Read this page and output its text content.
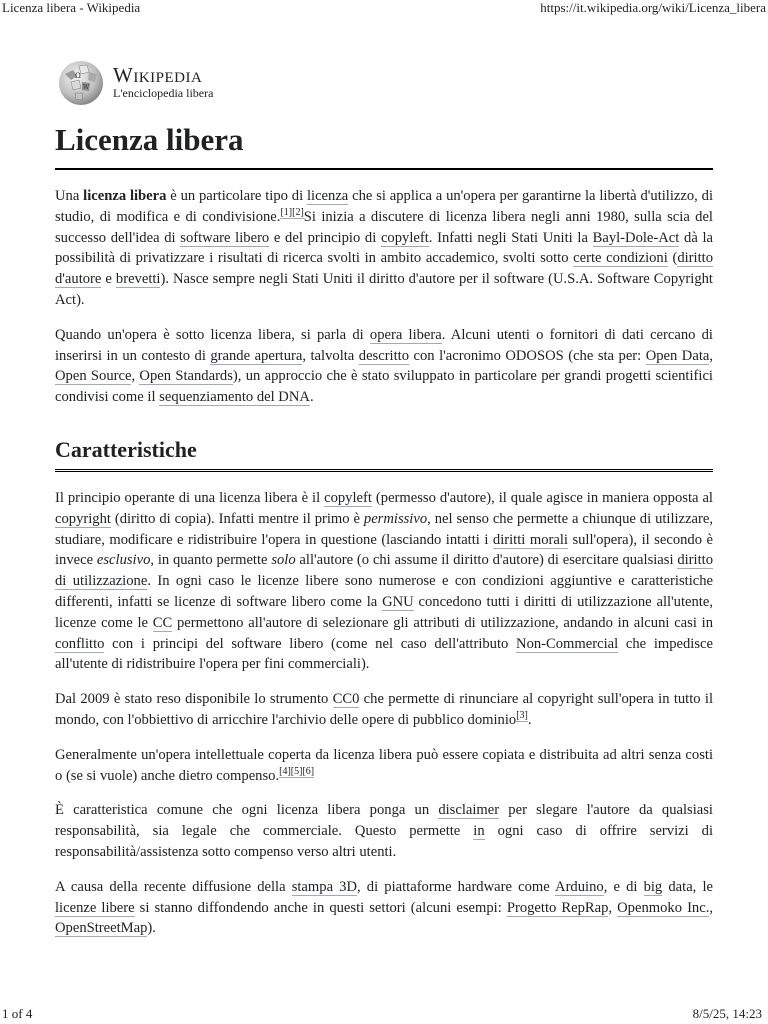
Licenza libera - Wikipedia	https://it.wikipedia.org/wiki/Licenza_libera
Ω
W
Wikipedia
L'enciclopedia libera
Licenza libera

Una licenza libera è un particolare tipo di licenza che si applica a un'opera per garantirne la libertà d'utilizzo, di studio, di modifica e di condivisione.[1][2]Si inizia a discutere di licenza libera negli anni 1980, sulla scia del successo dell'idea di software libero e del principio di copyleft. Infatti negli Stati Uniti la Bayl-Dole-Act dà la possibilità di privatizzare i risultati di ricerca svolti in ambito accademico, svolti sotto certe condizioni (diritto d'autore e brevetti). Nasce sempre negli Stati Uniti il diritto d'autore per il software (U.S.A. Software Copyright Act).

Quando un'opera è sotto licenza libera, si parla di opera libera. Alcuni utenti o fornitori di dati cercano di inserirsi in un contesto di grande apertura, talvolta descritto con l'acronimo ODOSOS (che sta per: Open Data, Open Source, Open Standards), un approccio che è stato sviluppato in particolare per grandi progetti scientifici condivisi come il sequenziamento del DNA.

Caratteristiche

Il principio operante di una licenza libera è il copyleft (permesso d'autore), il quale agisce in maniera opposta al copyright (diritto di copia). Infatti mentre il primo è permissivo, nel senso che permette a chiunque di utilizzare, studiare, modificare e ridistribuire l'opera in questione (lasciando intatti i diritti morali sull'opera), il secondo è invece esclusivo, in quanto permette solo all'autore (o chi assume il diritto d'autore) di esercitare qualsiasi diritto di utilizzazione. In ogni caso le licenze libere sono numerose e con condizioni aggiuntive e caratteristiche differenti, infatti se licenze di software libero come la GNU concedono tutti i diritti di utilizzazione all'utente, licenze come le CC permettono all'autore di selezionare gli attributi di utilizzazione, andando in alcuni casi in conflitto con i principi del software libero (come nel caso dell'attributo Non-Commercial che impedisce all'utente di ridistribuire l'opera per fini commerciali).

Dal 2009 è stato reso disponibile lo strumento CC0 che permette di rinunciare al copyright sull'opera in tutto il mondo, con l'obbiettivo di arricchire l'archivio delle opere di pubblico dominio[3].

Generalmente un'opera intellettuale coperta da licenza libera può essere copiata e distribuita ad altri senza costi o (se si vuole) anche dietro compenso.[4][5][6]

È caratteristica comune che ogni licenza libera ponga un disclaimer per slegare l'autore da qualsiasi responsabilità, sia legale che commerciale. Questo permette in ogni caso di offrire servizi di responsabilità/assistenza sotto compenso verso altri utenti.

A causa della recente diffusione della stampa 3D, di piattaforme hardware come Arduino, e di big data, le licenze libere si stanno diffondendo anche in questi settori (alcuni esempi: Progetto RepRap, Openmoko Inc., OpenStreetMap).

1 of 4	8/5/25, 14:23
